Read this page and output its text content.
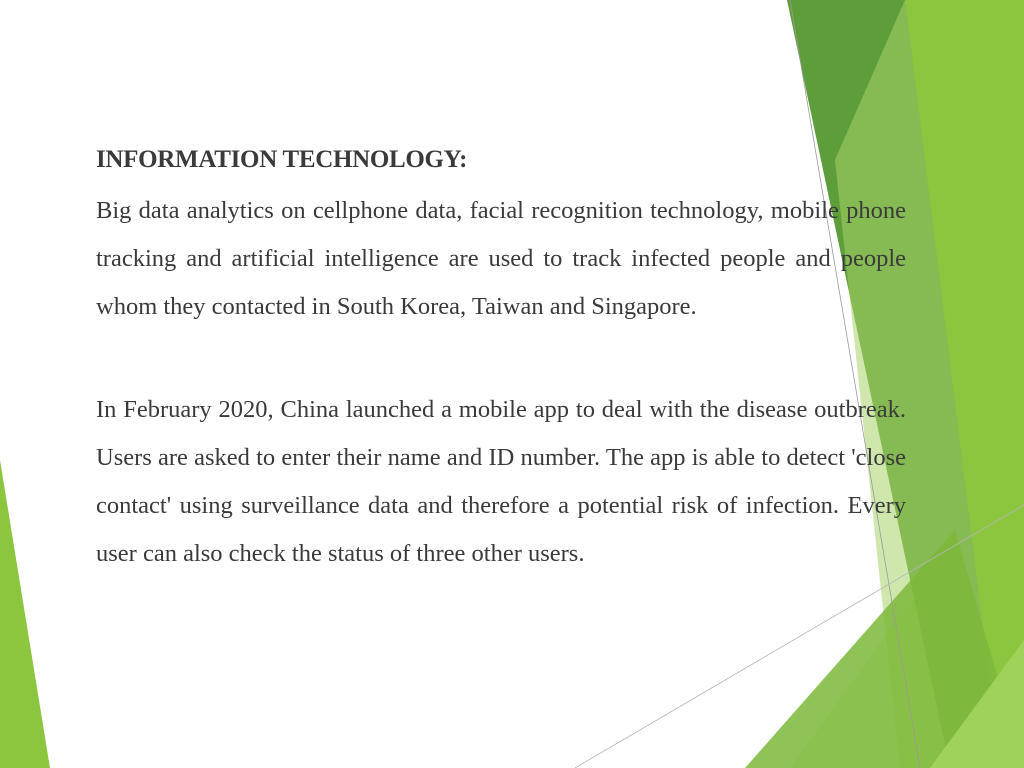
INFORMATION TECHNOLOGY:

Big data analytics on cellphone data, facial recognition technology, mobile phone tracking and artificial intelligence are used to track infected people and people whom they contacted in South Korea, Taiwan and Singapore.

In February 2020, China launched a mobile app to deal with the disease outbreak. Users are asked to enter their name and ID number. The app is able to detect 'close contact' using surveillance data and therefore a potential risk of infection. Every user can also check the status of three other users.
